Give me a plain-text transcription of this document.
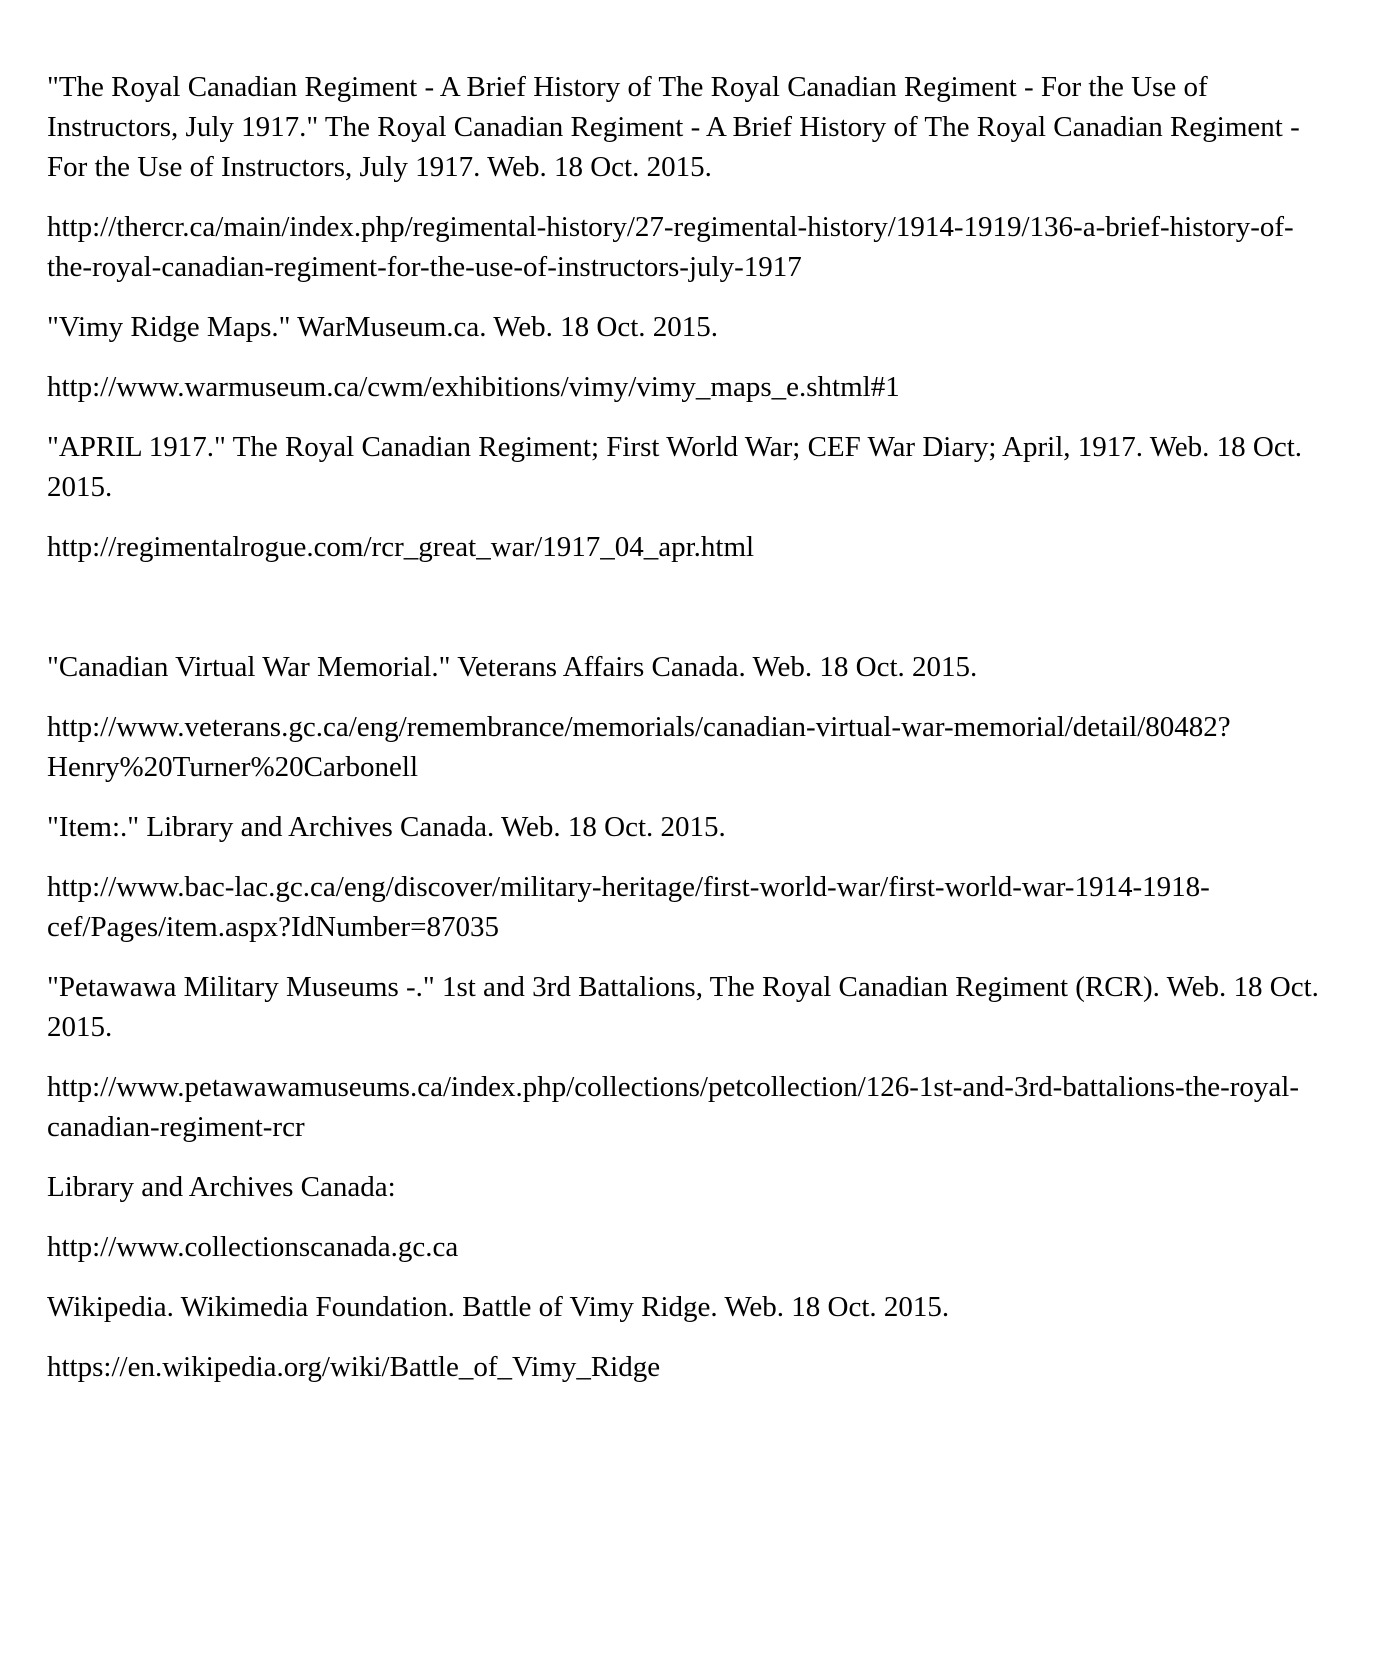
"The Royal Canadian Regiment - A Brief History of The Royal Canadian Regiment - For the Use of Instructors, July 1917." The Royal Canadian Regiment - A Brief History of The Royal Canadian Regiment - For the Use of Instructors, July 1917. Web. 18 Oct. 2015.

http://thercr.ca/main/index.php/regimental-history/27-regimental-history/1914-1919/136-a-brief-history-of-the-royal-canadian-regiment-for-the-use-of-instructors-july-1917

"Vimy Ridge Maps." WarMuseum.ca. Web. 18 Oct. 2015.

http://www.warmuseum.ca/cwm/exhibitions/vimy/vimy_maps_e.shtml#1

"APRIL 1917." The Royal Canadian Regiment; First World War; CEF War Diary; April, 1917. Web. 18 Oct. 2015.

http://regimentalrogue.com/rcr_great_war/1917_04_apr.html

"Canadian Virtual War Memorial." Veterans Affairs Canada. Web. 18 Oct. 2015.

http://www.veterans.gc.ca/eng/remembrance/memorials/canadian-virtual-war-memorial/detail/80482?Henry%20Turner%20Carbonell

"Item:." Library and Archives Canada. Web. 18 Oct. 2015.

http://www.bac-lac.gc.ca/eng/discover/military-heritage/first-world-war/first-world-war-1914-1918-cef/Pages/item.aspx?IdNumber=87035

"Petawawa Military Museums -." 1st and 3rd Battalions, The Royal Canadian Regiment (RCR). Web. 18 Oct. 2015.

http://www.petawawamuseums.ca/index.php/collections/petcollection/126-1st-and-3rd-battalions-the-royal-canadian-regiment-rcr

Library and Archives Canada:

http://www.collectionscanada.gc.ca

Wikipedia. Wikimedia Foundation. Battle of Vimy Ridge. Web. 18 Oct. 2015.

https://en.wikipedia.org/wiki/Battle_of_Vimy_Ridge
